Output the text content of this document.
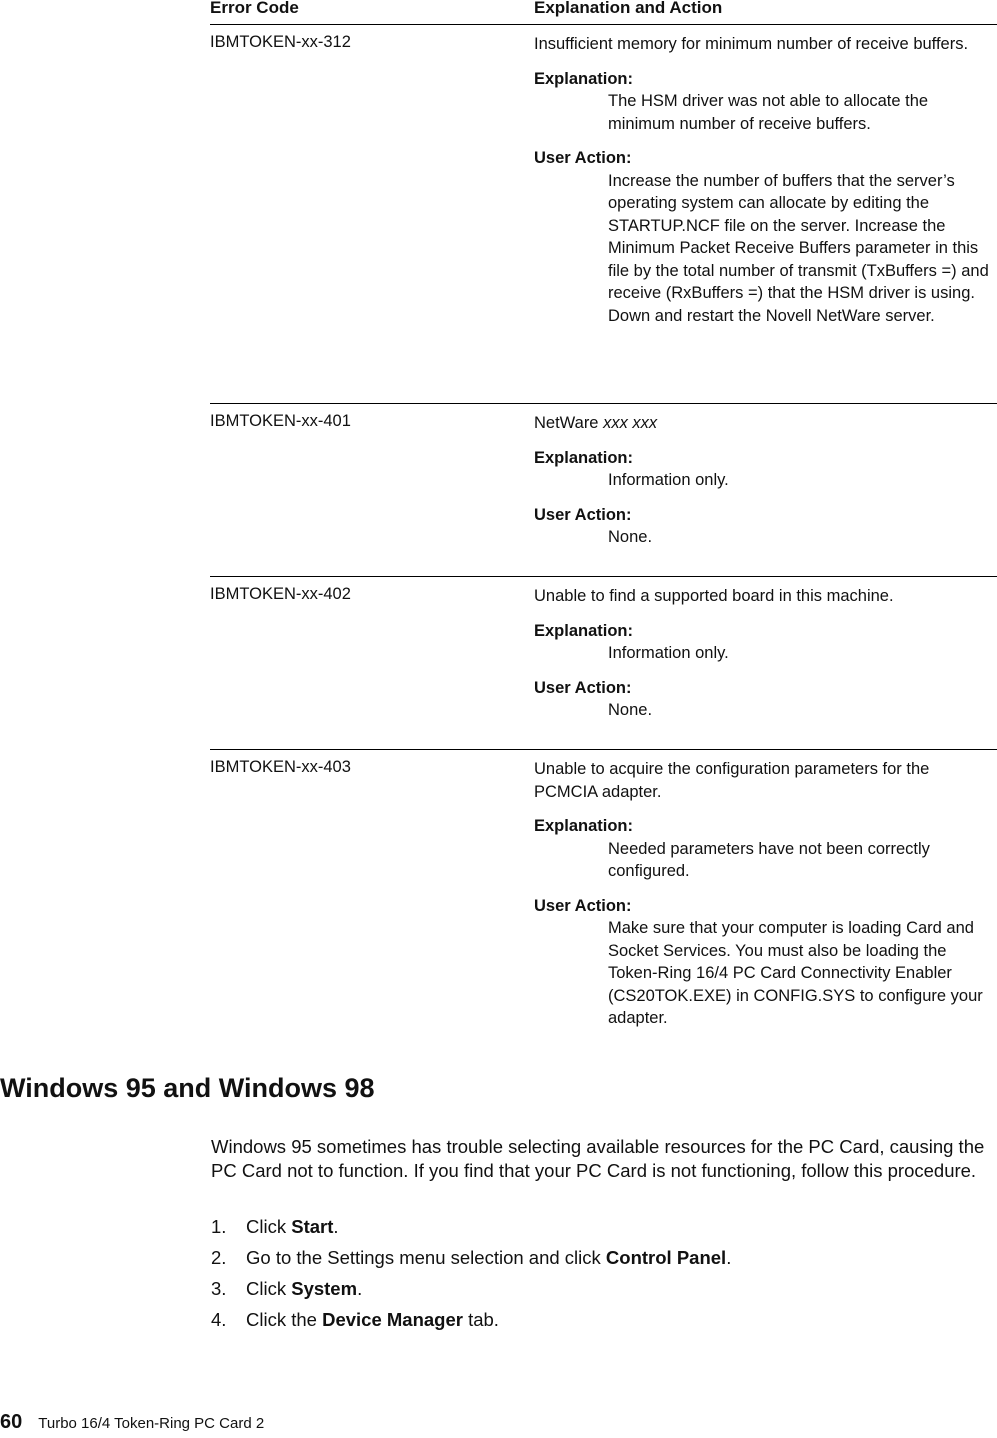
Error Code	Explanation and Action
IBMTOKEN-xx-312	Insufficient memory for minimum number of receive buffers.

Explanation:
The HSM driver was not able to allocate the minimum number of receive buffers.
User Action:
Increase the number of buffers that the server’s operating system can allocate by editing the STARTUP.NCF file on the server. Increase the Minimum Packet Receive Buffers parameter in this file by the total number of transmit (TxBuffers =) and receive (RxBuffers =) that the HSM driver is using. Down and restart the Novell NetWare server.
IBMTOKEN-xx-401	NetWare xxx xxx

Explanation:
Information only.
User Action:
None.
IBMTOKEN-xx-402	Unable to find a supported board in this machine.

Explanation:
Information only.
User Action:
None.
IBMTOKEN-xx-403	Unable to acquire the configuration parameters for the PCMCIA adapter.

Explanation:
Needed parameters have not been correctly configured.
User Action:
Make sure that your computer is loading Card and Socket Services. You must also be loading the Token-Ring 16/4 PC Card Connectivity Enabler (CS20TOK.EXE) in CONFIG.SYS to configure your adapter.
Windows 95 and Windows 98

Windows 95 sometimes has trouble selecting available resources for the PC Card, causing the PC Card not to function. If you find that your PC Card is not functioning, follow this procedure.

1. Click Start.
2. Go to the Settings menu selection and click Control Panel.
3. Click System.
4. Click the Device Manager tab.
60 Turbo 16/4 Token-Ring PC Card 2
